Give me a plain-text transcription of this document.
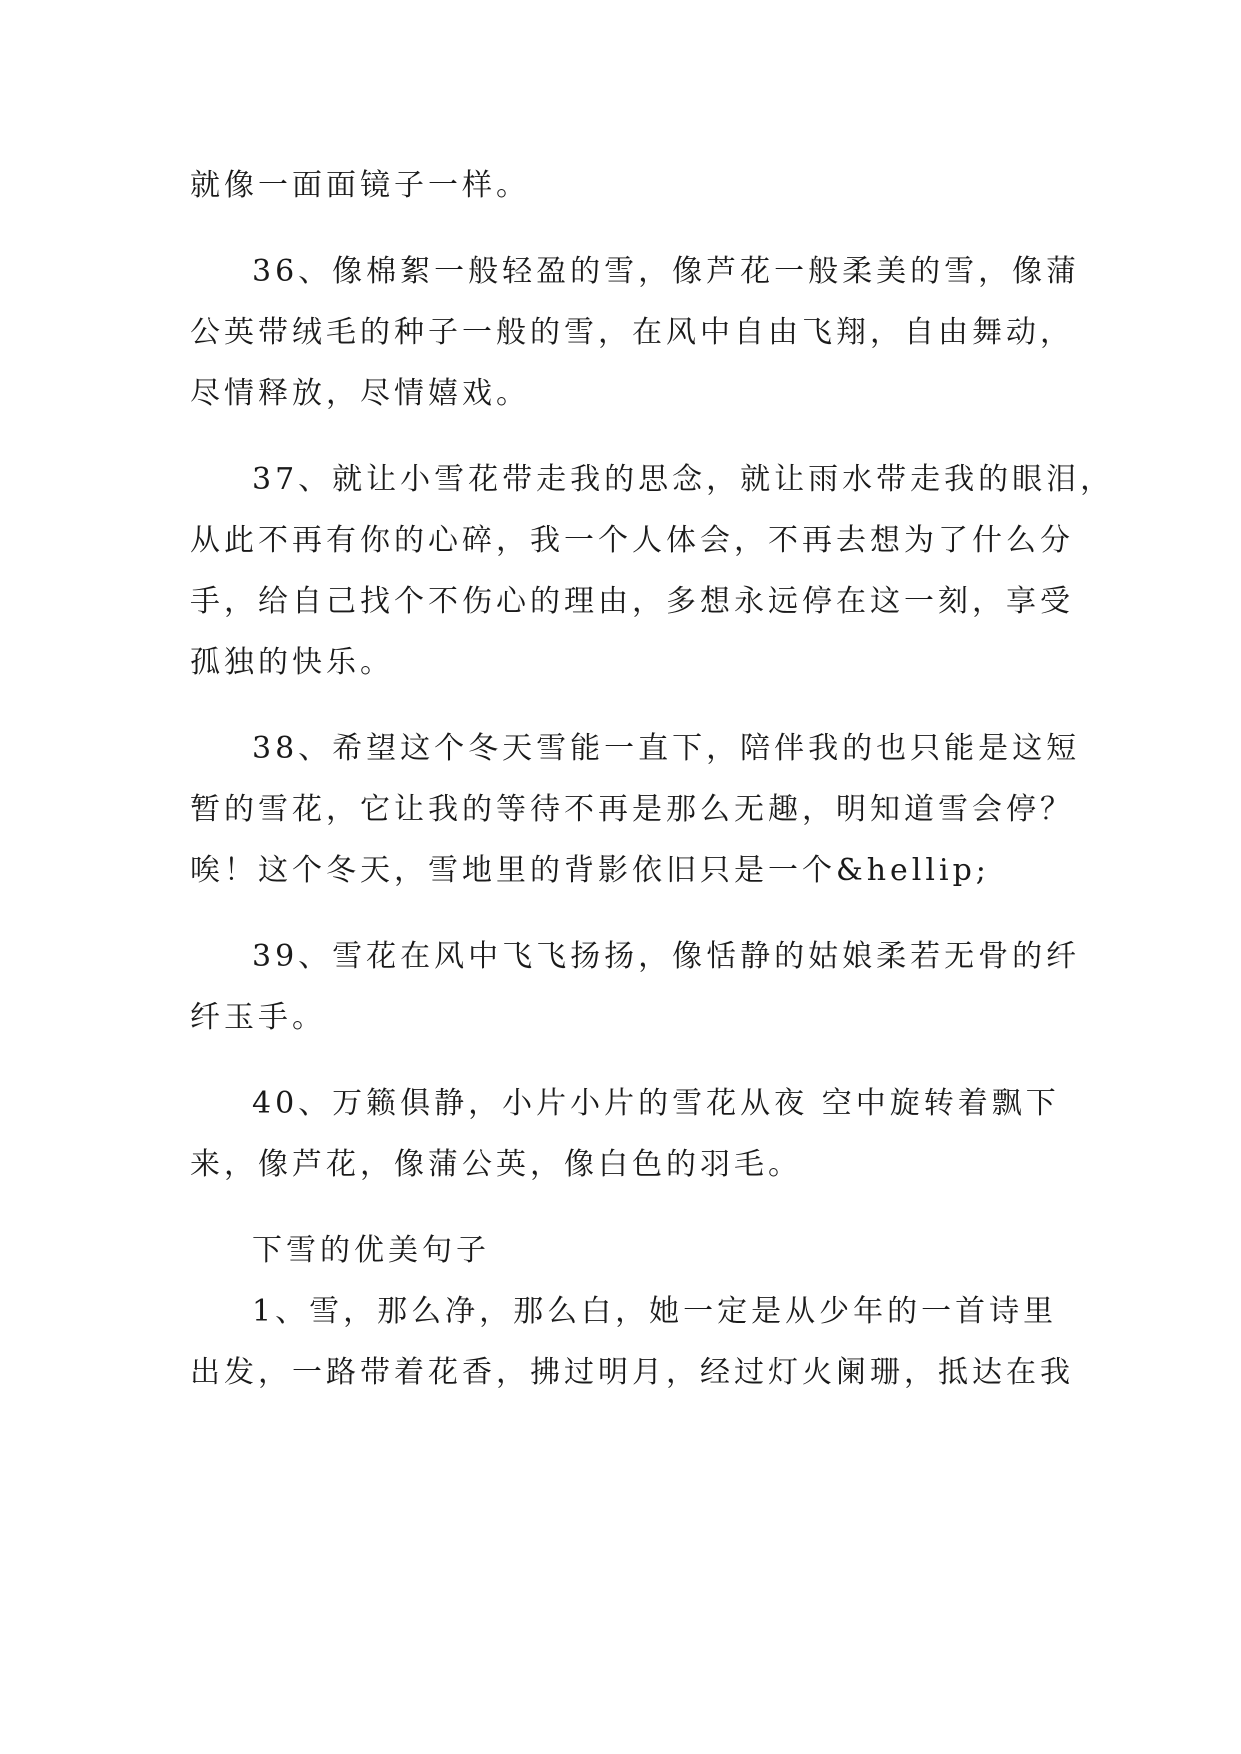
就像一面面镜子一样。
36、像棉絮一般轻盈的雪，像芦花一般柔美的雪，像蒲
公英带绒毛的种子一般的雪，在风中自由飞翔，自由舞动，
尽情释放，尽情嬉戏。
37、就让小雪花带走我的思念，就让雨水带走我的眼泪，
从此不再有你的心碎，我一个人体会，不再去想为了什么分
手，给自己找个不伤心的理由，多想永远停在这一刻，享受
孤独的快乐。
38、希望这个冬天雪能一直下，陪伴我的也只能是这短
暂的雪花，它让我的等待不再是那么无趣，明知道雪会停？
唉！这个冬天，雪地里的背影依旧只是一个&hellip;
39、雪花在风中飞飞扬扬，像恬静的姑娘柔若无骨的纤
纤玉手。
40、万籁俱静，小片小片的雪花从夜 空中旋转着飘下
来，像芦花，像蒲公英，像白色的羽毛。
下雪的优美句子
1、雪，那么净，那么白，她一定是从少年的一首诗里
出发，一路带着花香，拂过明月，经过灯火阑珊，抵达在我
